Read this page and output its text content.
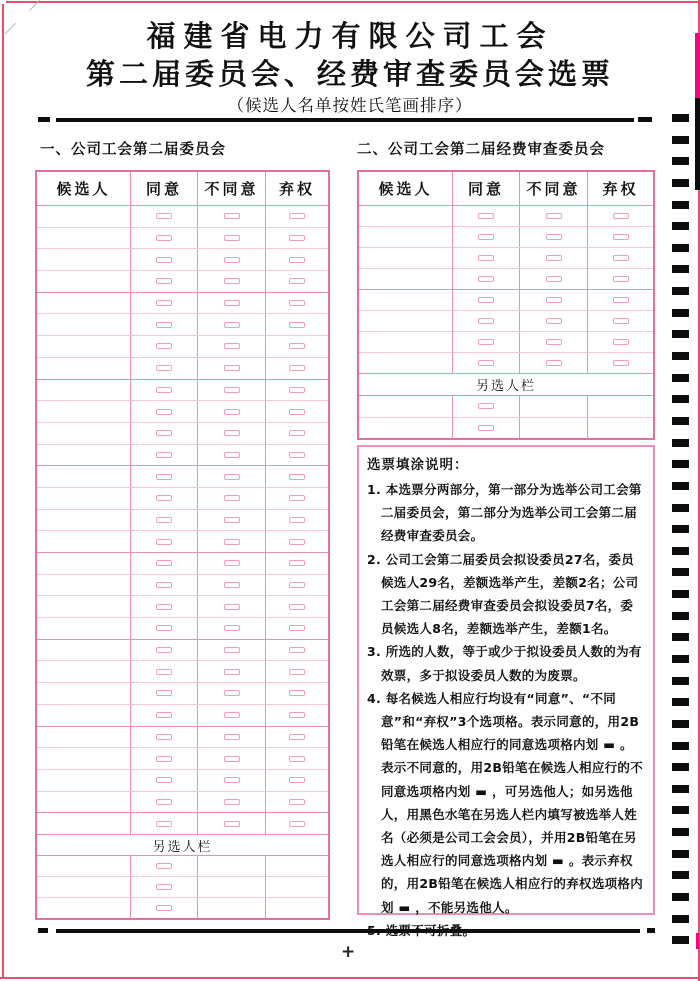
福建省电力有限公司工会
第二届委员会、经费审查委员会选票
（候选人名单按姓氏笔画排序）
一、公司工会第二届委员会	二、公司工会第二届经费审查委员会
候选人 同意 不同意 弃权
另选人栏
候选人 同意 不同意 弃权
另选人栏
选票填涂说明：
1. 本选票分两部分，第一部分为选举公司工会第二届委员会，第二部分为选举公司工会第二届经费审查委员会。
2. 公司工会第二届委员会拟设委员27名，委员候选人29名，差额选举产生，差额2名；公司工会第二届经费审查委员会拟设委员7名，委员候选人8名，差额选举产生，差额1名。
3. 所选的人数，等于或少于拟设委员人数的为有效票，多于拟设委员人数的为废票。
4. 每名候选人相应行均设有“同意”、“不同意”和“弃权”3个选项格。表示同意的，用2B铅笔在候选人相应行的同意选项格内划 ▬ 。表示不同意的，用2B铅笔在候选人相应行的不同意选项格内划 ▬ ，可另选他人；如另选他人，用黑色水笔在另选人栏内填写被选举人姓名（必须是公司工会会员），并用2B铅笔在另选人相应行的同意选项格内划 ▬ 。表示弃权的，用2B铅笔在候选人相应行的弃权选项格内划 ▬ ，不能另选他人。
+
